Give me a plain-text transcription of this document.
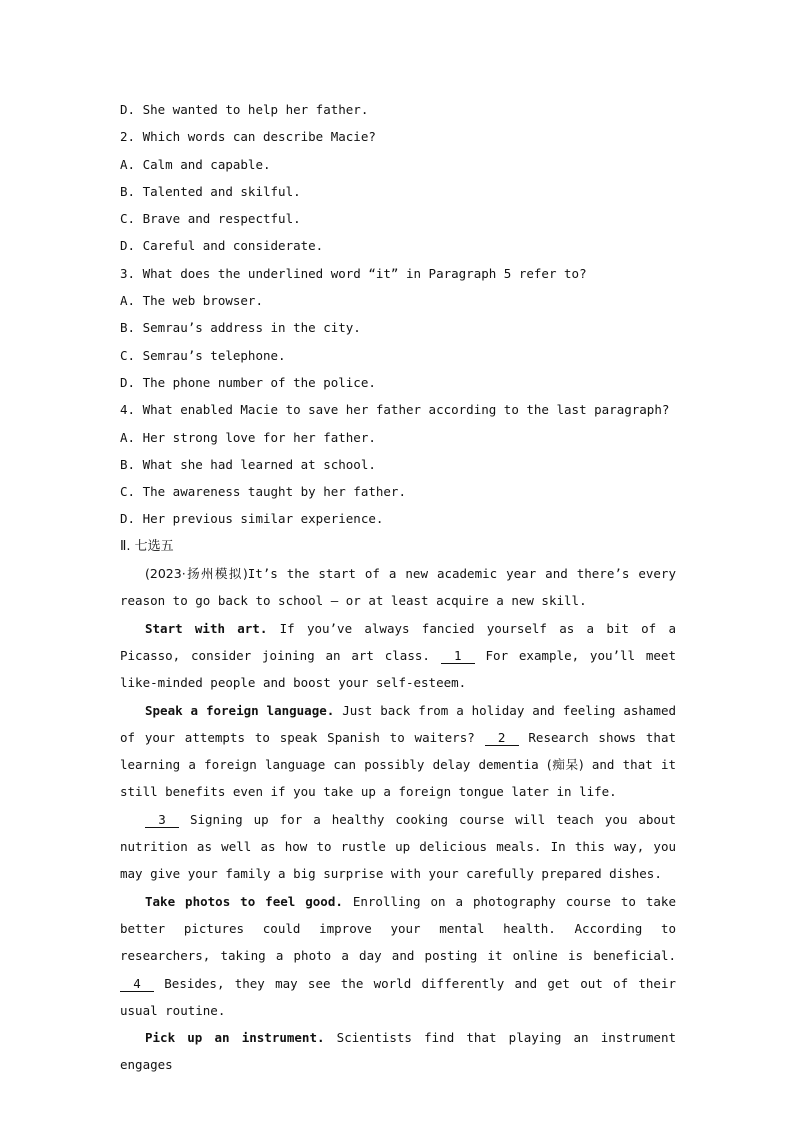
D. She wanted to help her father.
2. Which words can describe Macie?
A. Calm and capable.
B. Talented and skilful.
C. Brave and respectful.
D. Careful and considerate.
3. What does the underlined word “it” in Paragraph 5 refer to?
A. The web browser.
B. Semrau’s address in the city.
C. Semrau’s telephone.
D. The phone number of the police.
4. What enabled Macie to save her father according to the last paragraph?
A. Her strong love for her father.
B. What she had learned at school.
C. The awareness taught by her father.
D. Her previous similar experience.
Ⅱ. 七选五

(2023·扬州模拟)It’s the start of a new academic year and there’s every reason to go back to school — or at least acquire a new skill.

Start with art. If you’ve always fancied yourself as a bit of a Picasso, consider joining an art class. 1 For example, you’ll meet like-minded people and boost your self-esteem.

Speak a foreign language. Just back from a holiday and feeling ashamed of your attempts to speak Spanish to waiters? 2 Research shows that learning a foreign language can possibly delay dementia (痴呆) and that it still benefits even if you take up a foreign tongue later in life.

3 Signing up for a healthy cooking course will teach you about nutrition as well as how to rustle up delicious meals. In this way, you may give your family a big surprise with your carefully prepared dishes.

Take photos to feel good. Enrolling on a photography course to take better pictures could improve your mental health. According to researchers, taking a photo a day and posting it online is beneficial. 4 Besides, they may see the world differently and get out of their usual routine.

Pick up an instrument. Scientists find that playing an instrument engages
